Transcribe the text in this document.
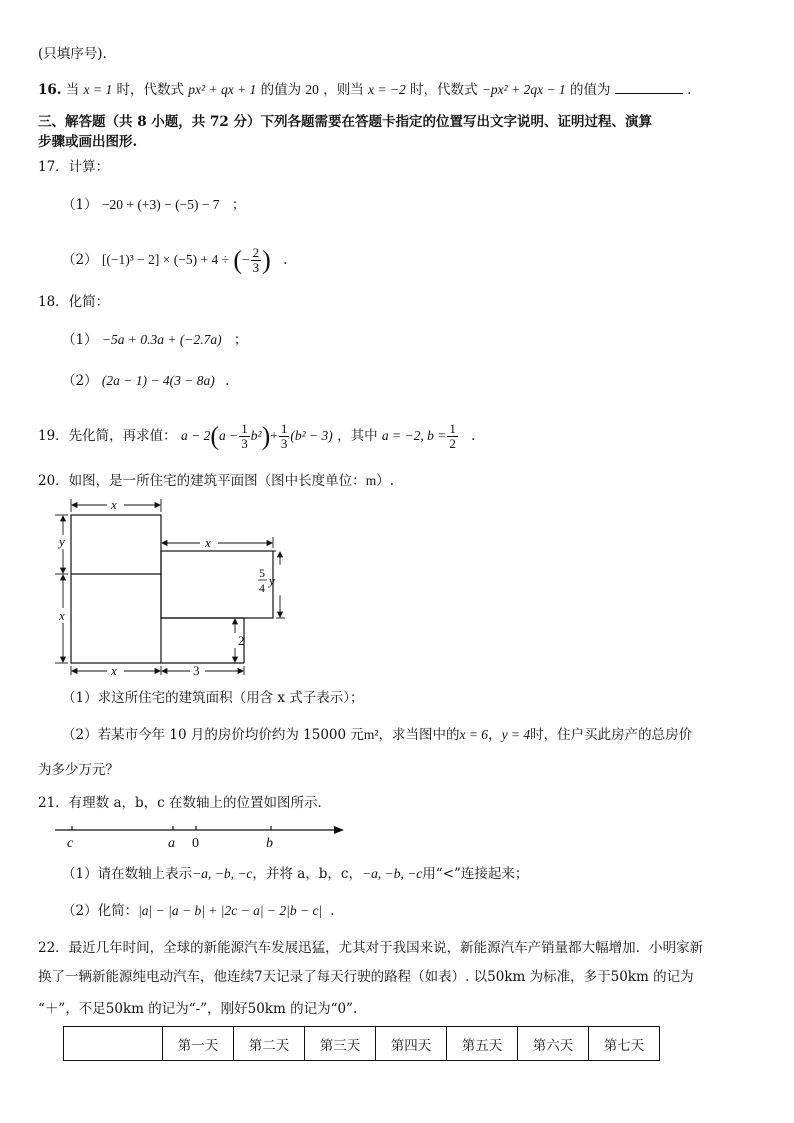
(只填序号).
16. 当 x = 1 时，代数式 px² + qx + 1 的值为 20 ，则当 x = −2 时，代数式 −px² + 2qx − 1 的值为	.
三、解答题（共 8 小题，共 72 分）下列各题需要在答题卡指定的位置写出文字说明、证明过程、演算
步骤或画出图形.
17．计算：
（1） −20 + (+3) − (−5) − 7 ；
（2） [(−1)³ − 2] × (−5) + 4 ÷ (− $\frac{2}{3}$ ) .
18．化简：
（1） −5a + 0.3a + (−2.7a) ；
（2） (2a − 1) − 4(3 − 8a) .
19．先化简，再求值： $a - 2(a - \frac{1}{3} b^2)+ \frac{1}{3} (b^2 - 3)$ ，其中 a = −2, $b = \frac{1}{2}$ .
20．如图，是一所住宅的建筑平面图（图中长度单位：m）.
x
y
x
x
5
4 y
2
x	3
（1）求这所住宅的建筑面积（用含 x 式子表示）；
（2）若某市今年 10 月的房价均价约为 15000 元m²，求当图中的x = 6，y = 4时，住户买此房产的总房价
为多少万元？
21．有理数 a，b，c 在数轴上的位置如图所示．
c	a 0	b
（1）请在数轴上表示−a, −b, −c，并将 a，b，c，−a, −b, −c用“<”连接起来；
（2）化简：|a| − |a − b| + |2c − a| − 2|b − c| .
22．最近几年时间，全球的新能源汽车发展迅猛，尤其对于我国来说，新能源汽车产销量都大幅增加．小明家新
换了一辆新能源纯电动汽车，他连续7天记录了每天行驶的路程（如表）. 以50km 为标准，多于50km 的记为
“＋”，不足50km 的记为“-”，刚好50km 的记为“0”.
	第一天	第二天	第三天	第四天	第五天	第六天	第七天
